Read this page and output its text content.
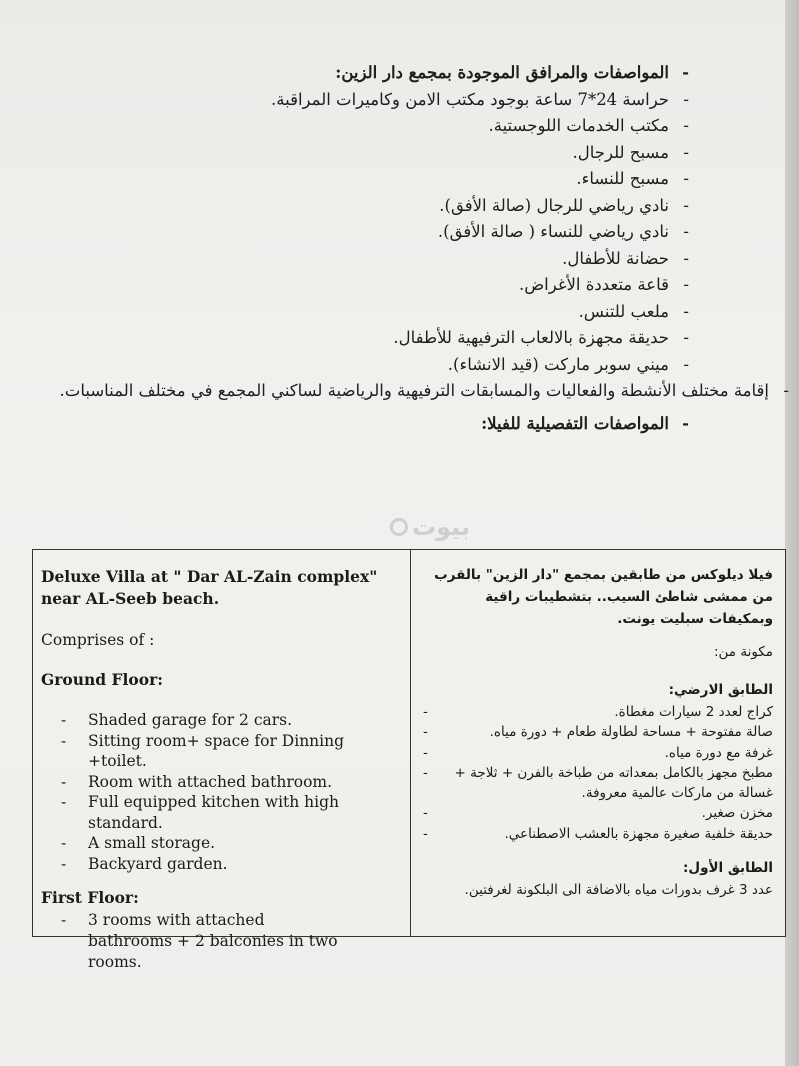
-
المواصفات والمرافق الموجودة بمجمع دار الزين:
-
حراسة 24*7 ساعة بوجود مكتب الامن وكاميرات المراقبة.
-
مكتب الخدمات اللوجستية.
-
مسبح للرجال.
-
مسبح للنساء.
-
نادي رياضي للرجال (صالة الأفق).
-
نادي رياضي للنساء ( صالة الأفق).
-
حضانة للأطفال.
-
قاعة متعددة الأغراض.
-
ملعب للتنس.
-
حديقة مجهزة بالالعاب الترفيهية للأطفال.
-
ميني سوبر ماركت (قيد الانشاء).
-
إقامة مختلف الأنشطة والفعاليات والمسابقات الترفيهية والرياضية لساكني المجمع في مختلف المناسبات.
-
المواصفات التفصيلية للفيلا:
بيوت
Deluxe Villa at " Dar AL-Zain complex" near AL-Seeb beach.
Comprises of :
Ground Floor:
- Shaded garage for 2 cars.
- Sitting room+ space for Dinning +toilet.
- Room with attached bathroom.
- Full equipped kitchen with high standard.
- A small storage.
- Backyard garden.
First Floor:
- 3 rooms with attached bathrooms + 2 balconies in two rooms.
فيلا ديلوكس من طابقين بمجمع "دار الزين" بالقرب من ممشى شاطئ السيب.. بتشطيبات راقية وبمكيفات سبليت يونت.
مكونة من:
الطابق الارضي:
-	كراج لعدد 2 سيارات مغطاة.
-	صالة مفتوحة + مساحة لطاولة طعام + دورة مياه.
-	غرفة مع دورة مياه.
- مطبخ مجهز بالكامل بمعداته من طباخة بالفرن + ثلاجة + غسالة من ماركات عالمية معروفة.
-	مخزن صغير.
-	حديقة خلفية صغيرة مجهزة بالعشب الاصطناعي.
الطابق الأول:
عدد 3 غرف بدورات مياه بالاضافة الى البلكونة لغرفتين.
